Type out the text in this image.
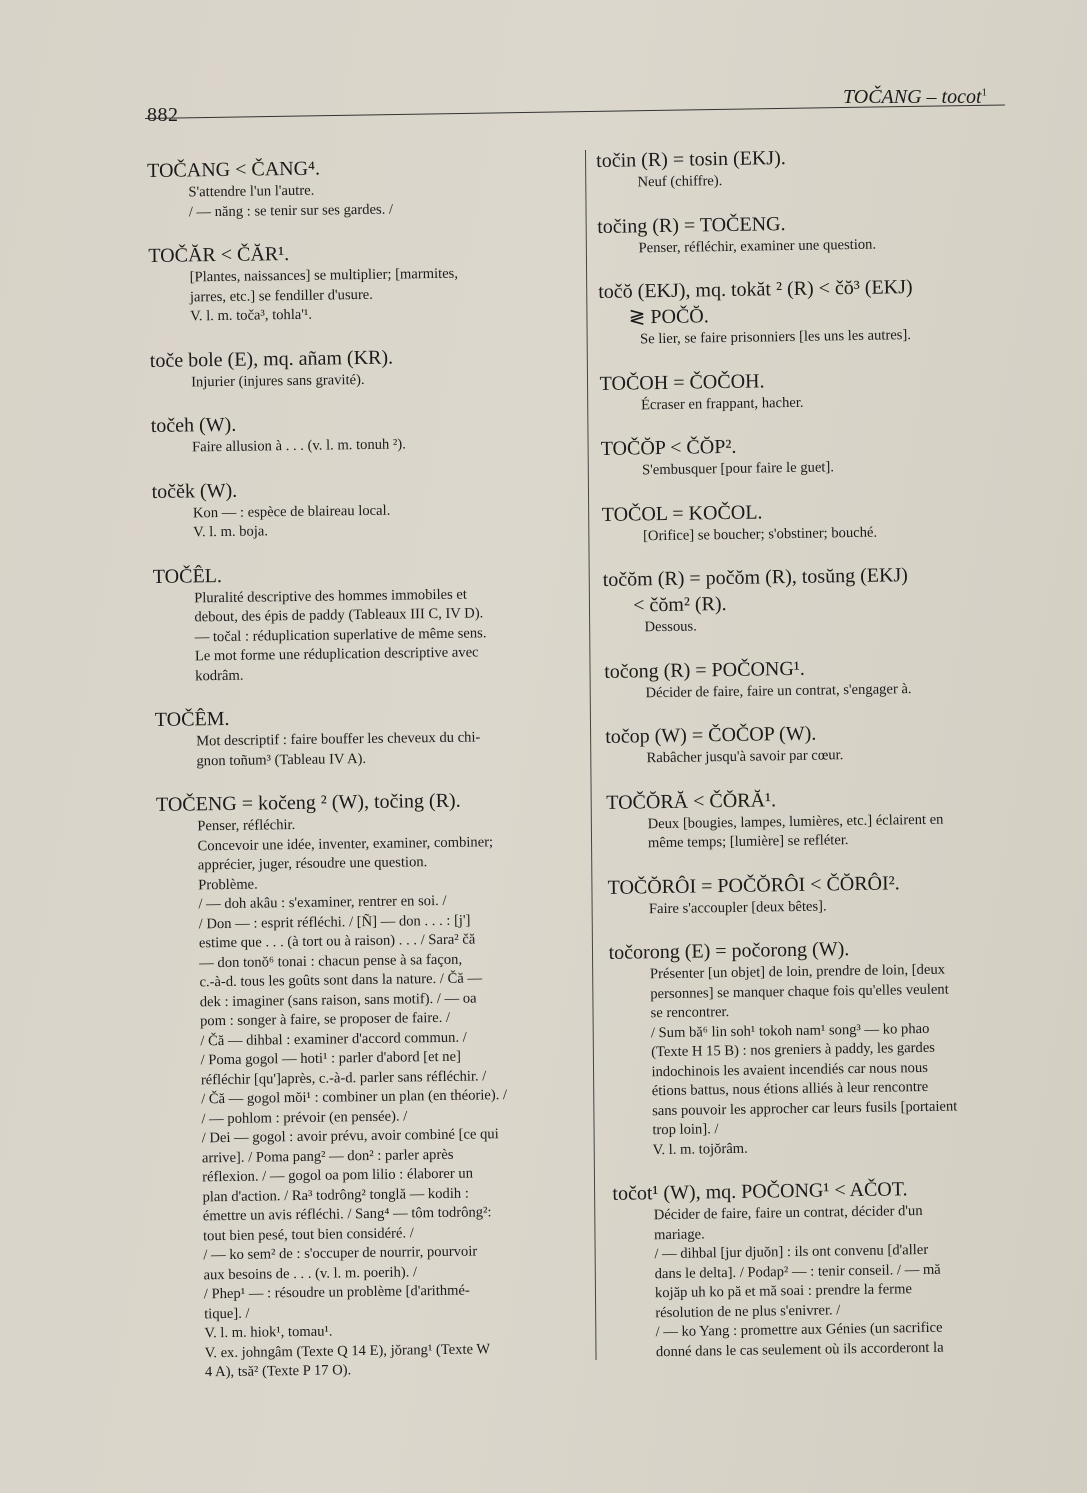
882
TOČANG – tocot$^1$
TOČANG < ČANG⁴.
S'attendre l'un l'autre.
/ — năng : se tenir sur ses gardes. /
TOČĂR < ČĂR¹.
[Plantes, naissances] se multiplier; [marmites,
jarres, etc.] se fendiller d'usure.
V. l. m. toča³, tohla'¹.
toče bole (E), mq. añam (KR).
Injurier (injures sans gravité).
točeh (W).
Faire allusion à . . . (v. l. m. tonuh ²).
točĕk (W).
Kon — : espèce de blaireau local.
V. l. m. boja.
TOČÊL.
Pluralité descriptive des hommes immobiles et
debout, des épis de paddy (Tableaux III C, IV D).
— točal : réduplication superlative de même sens.
Le mot forme une réduplication descriptive avec
kodrâm.
TOČÊM.
Mot descriptif : faire bouffer les cheveux du chi-
gnon toñum³ (Tableau IV A).
TOČENG = kočeng ² (W), točing (R).
Penser, réfléchir.
Concevoir une idée, inventer, examiner, combiner;
apprécier, juger, résoudre une question.
Problème.
/ — doh akâu : s'examiner, rentrer en soi. /
/ Don — : esprit réfléchi. / [Ñ] — don . . . : [j']
estime que . . . (à tort ou à raison) . . . / Sara² čă
— don tonŏ⁶ tonai : chacun pense à sa façon,
c.-à-d. tous les goûts sont dans la nature. / Čă —
dek : imaginer (sans raison, sans motif). / — oa
pom : songer à faire, se proposer de faire. /
/ Čă — dihbal : examiner d'accord commun. /
/ Poma gogol — hoti¹ : parler d'abord [et ne]
réfléchir [qu']après, c.-à-d. parler sans réfléchir. /
/ Čă — gogol mŏi¹ : combiner un plan (en théorie). /
/ — pohlom : prévoir (en pensée). /
/ Dei — gogol : avoir prévu, avoir combiné [ce qui
arrive]. / Poma pang² — don² : parler après
réflexion. / — gogol oa pom lilio : élaborer un
plan d'action. / Ra³ todrông² tonglă — kodih :
émettre un avis réfléchi. / Sang⁴ — tôm todrông²:
tout bien pesé, tout bien considéré. /
/ — ko sem² de : s'occuper de nourrir, pourvoir
aux besoins de . . . (v. l. m. poerih). /
/ Phep¹ — : résoudre un problème [d'arithmé-
tique]. /
V. l. m. hiok¹, tomau¹.
V. ex. johngâm (Texte Q 14 E), jŏrang¹ (Texte W
4 A), tsă² (Texte P 17 O).
točin (R) = tosin (EKJ).
Neuf (chiffre).
točing (R) = TOČENG.
Penser, réfléchir, examiner une question.
točŏ (EKJ), mq. tokăt ² (R) < čŏ³ (EKJ)
≷ POČŎ.
Se lier, se faire prisonniers [les uns les autres].
TOČOH = ČOČOH.
Écraser en frappant, hacher.
TOČŎP < ČŎP².
S'embusquer [pour faire le guet].
TOČOL = KOČOL.
[Orifice] se boucher; s'obstiner; bouché.
točŏm (R) = počŏm (R), tosŭng (EKJ)
< čŏm² (R).
Dessous.
točong (R) = POČONG¹.
Décider de faire, faire un contrat, s'engager à.
točop (W) = ČOČOP (W).
Rabâcher jusqu'à savoir par cœur.
TOČŎRĂ < ČŎRĂ¹.
Deux [bougies, lampes, lumières, etc.] éclairent en
même temps; [lumière] se refléter.
TOČŎRÔI = POČŎRÔI < ČŎRÔI².
Faire s'accoupler [deux bêtes].
točorong (E) = počorong (W).
Présenter [un objet] de loin, prendre de loin, [deux
personnes] se manquer chaque fois qu'elles veulent
se rencontrer.
/ Sum bă⁶ lin soh¹ tokoh nam¹ song³ — ko phao
(Texte H 15 B) : nos greniers à paddy, les gardes
indochinois les avaient incendiés car nous nous
étions battus, nous étions alliés à leur rencontre
sans pouvoir les approcher car leurs fusils [portaient
trop loin]. /
V. l. m. tojŏrâm.
točot¹ (W), mq. POČONG¹ < AČOT.
Décider de faire, faire un contrat, décider d'un
mariage.
/ — dihbal [jur djuŏn] : ils ont convenu [d'aller
dans le delta]. / Podap² — : tenir conseil. / — mă
kojăp uh ko pă et mă soai : prendre la ferme
résolution de ne plus s'enivrer. /
/ — ko Yang : promettre aux Génies (un sacrifice
donné dans le cas seulement où ils accorderont la
